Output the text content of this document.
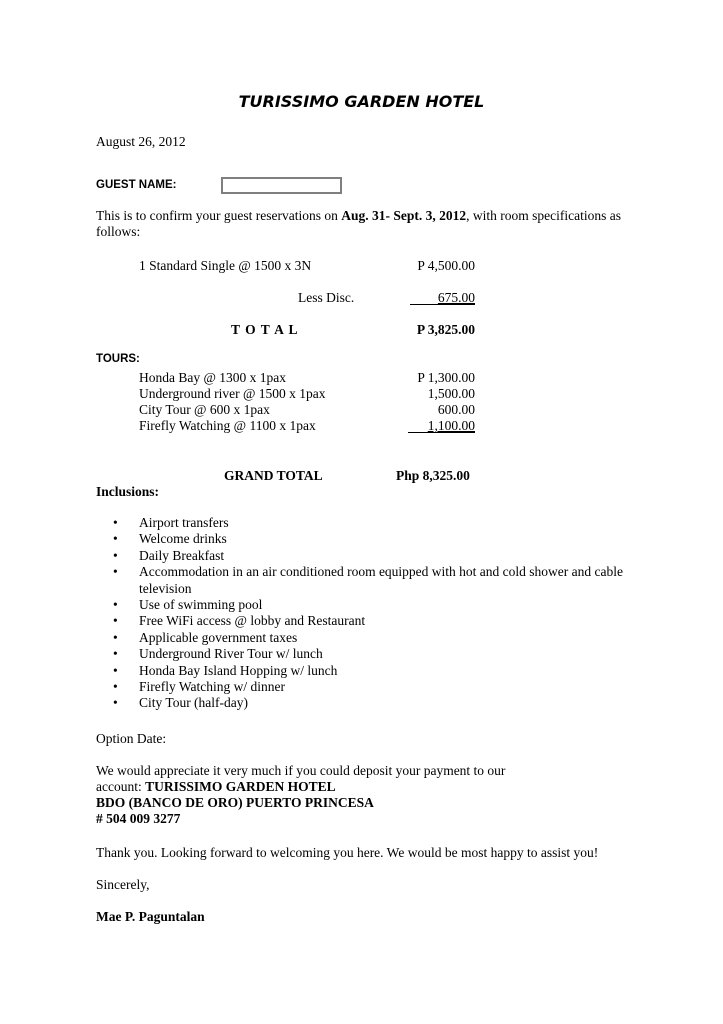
TURISSIMO GARDEN HOTEL
August 26, 2012
GUEST NAME:
This is to confirm your guest reservations on Aug. 31- Sept. 3, 2012, with room specifications as follows:
1 Standard Single @ 1500 x 3N	P 4,500.00
Less Disc.	675.00
T O T A L	P 3,825.00
TOURS:
Honda Bay @ 1300 x 1pax	P 1,300.00
Underground river @ 1500 x 1pax	1,500.00
City Tour @ 600 x 1pax	600.00
Firefly Watching @ 1100 x 1pax	1,100.00
GRAND TOTAL	Php 8,325.00
Inclusions:
• Airport transfers
• Welcome drinks
• Daily Breakfast
• Accommodation in an air conditioned room equipped with hot and cold shower and cable television
• Use of swimming pool
• Free WiFi access @ lobby and Restaurant
• Applicable government taxes
• Underground River Tour w/ lunch
• Honda Bay Island Hopping w/ lunch
• Firefly Watching w/ dinner
• City Tour (half-day)
Option Date:
We would appreciate it very much if you could deposit your payment to our
account: TURISSIMO GARDEN HOTEL
BDO (BANCO DE ORO) PUERTO PRINCESA
# 504 009 3277
Thank you. Looking forward to welcoming you here. We would be most happy to assist you!
Sincerely,
Mae P. Paguntalan
